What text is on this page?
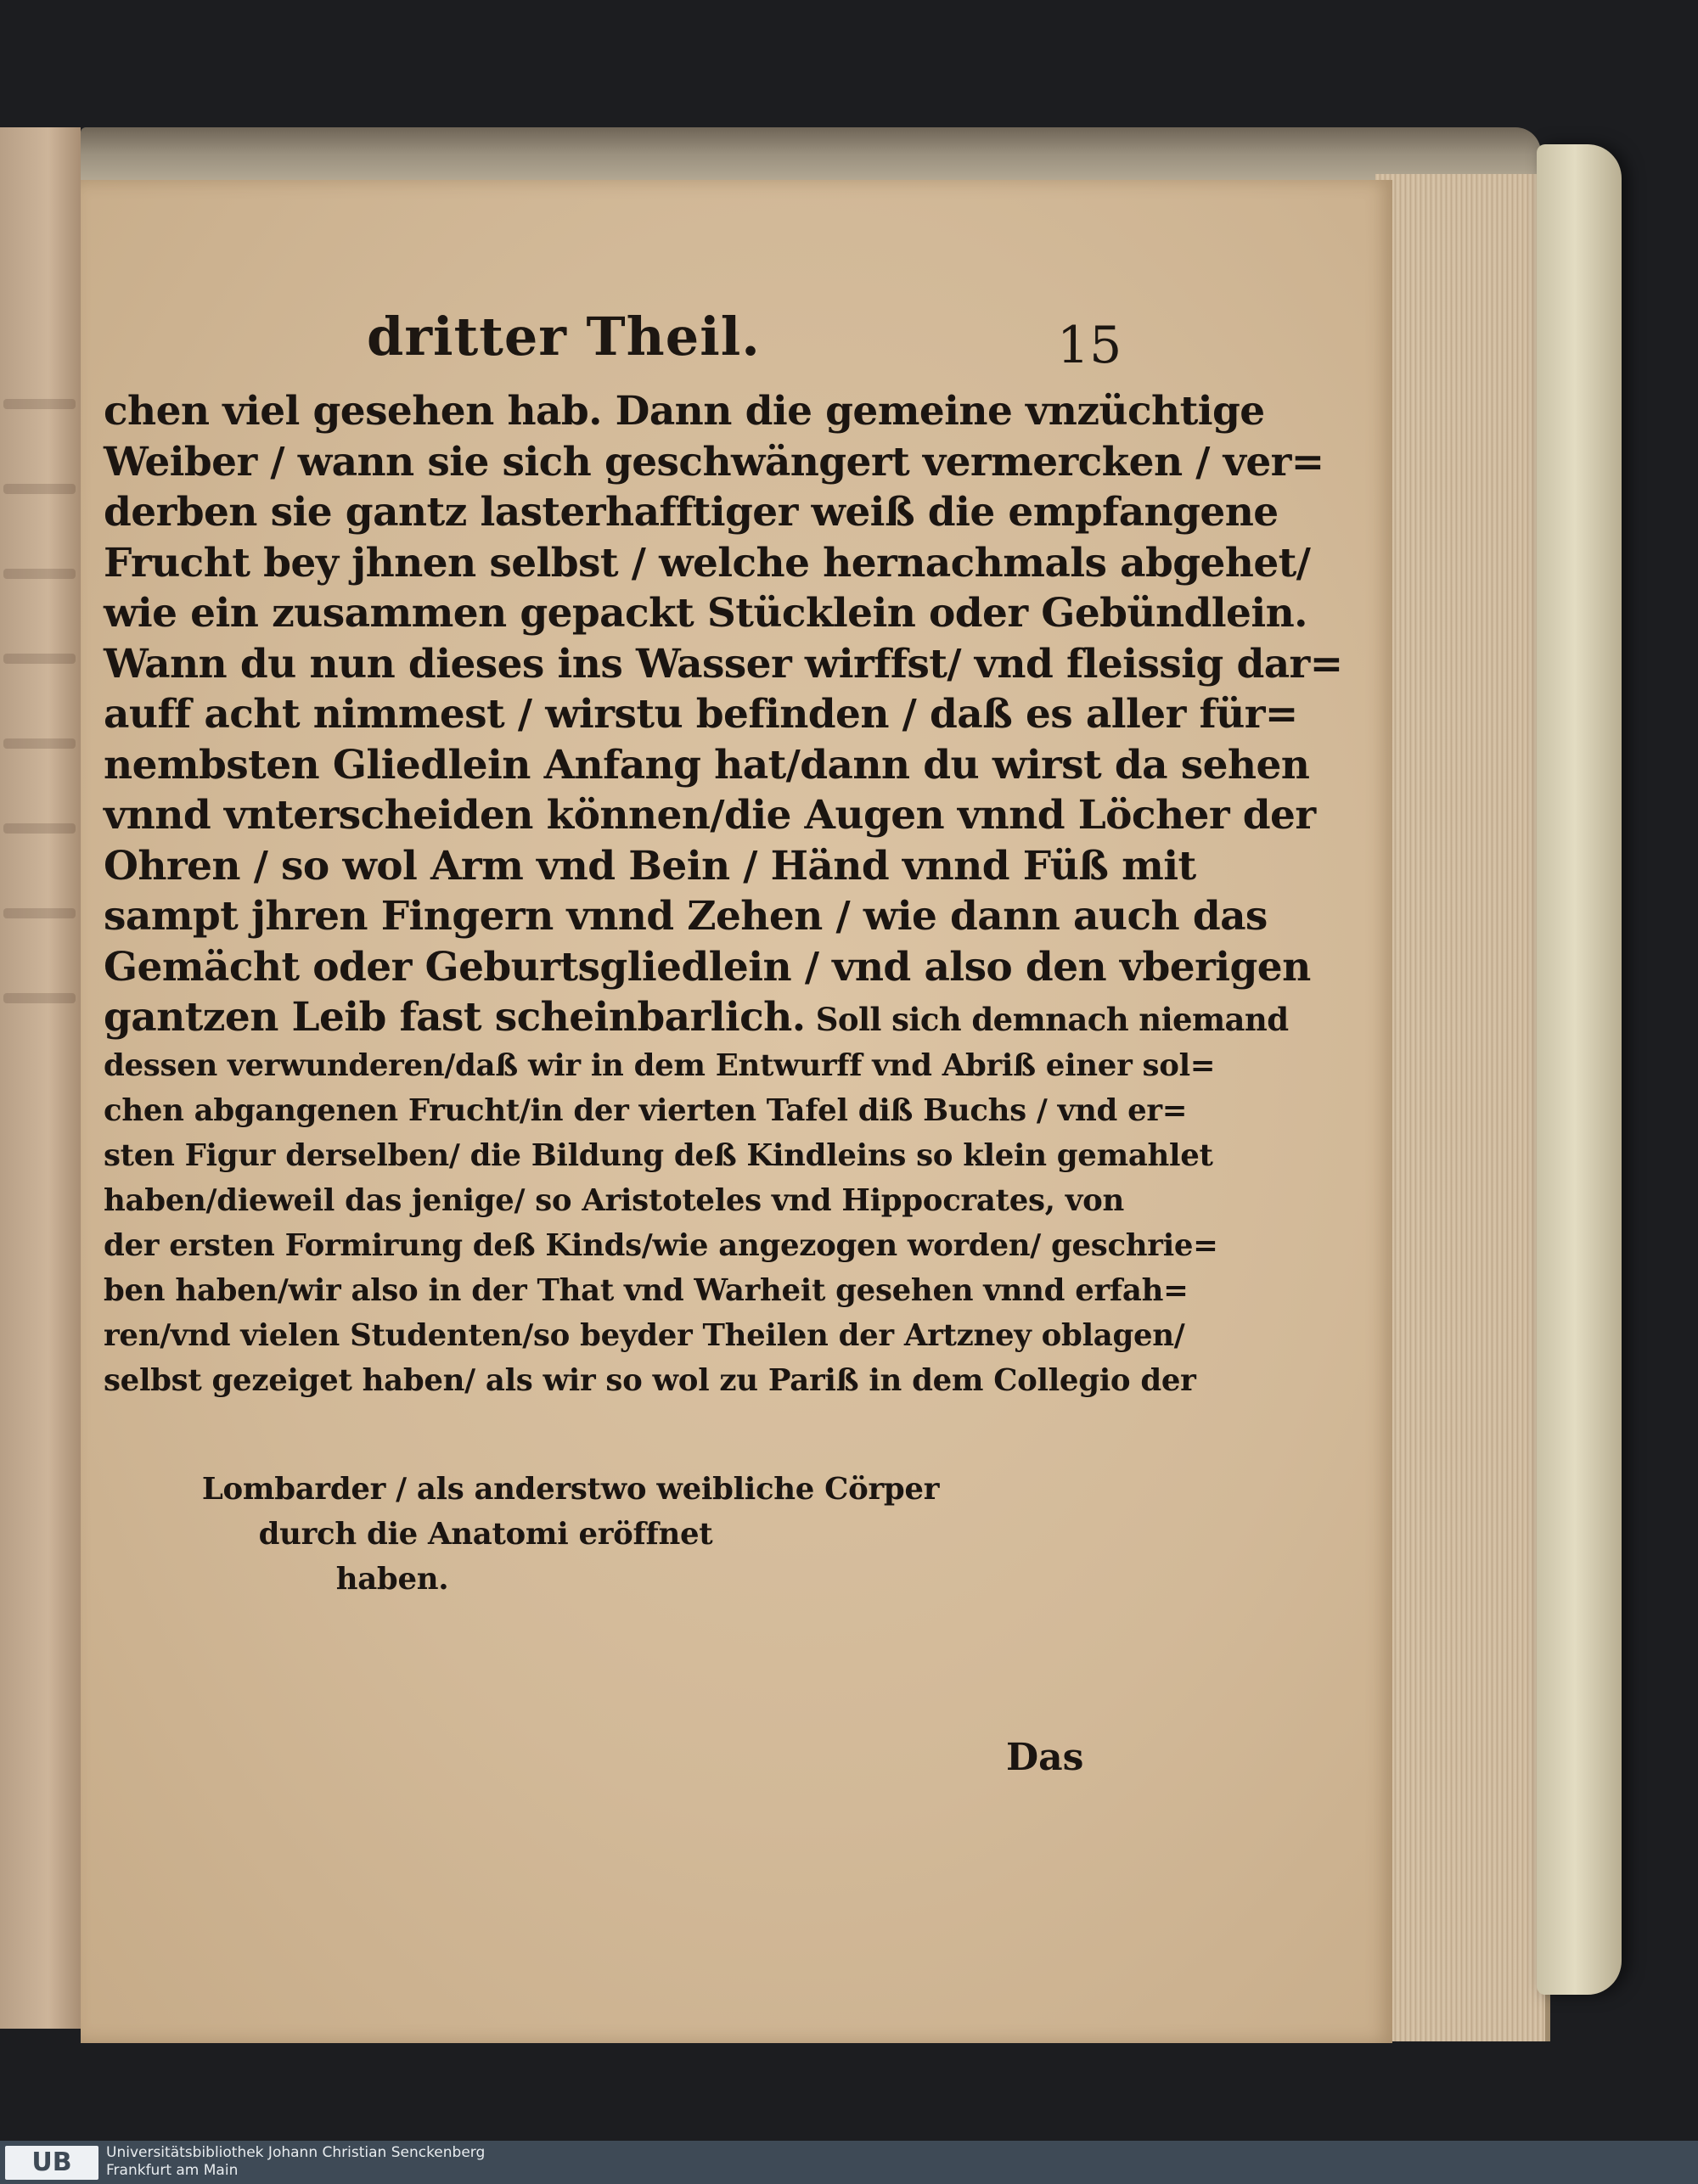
dritter Theil.	15
chen viel gesehen hab. Dann die gemeine vnzüchtige
Weiber / wann sie sich geschwängert vermercken / ver=
derben sie gantz lasterhafftiger weiß die empfangene
Frucht bey jhnen selbst / welche hernachmals abgehet/
wie ein zusammen gepackt Stücklein oder Gebündlein.
Wann du nun dieses ins Wasser wirffst/ vnd fleissig dar=
auff acht nimmest / wirstu befinden / daß es aller für=
nembsten Gliedlein Anfang hat/dann du wirst da sehen
vnnd vnterscheiden können/die Augen vnnd Löcher der
Ohren / so wol Arm vnd Bein / Händ vnnd Füß mit
sampt jhren Fingern vnnd Zehen / wie dann auch das
Gemächt oder Geburtsgliedlein / vnd also den vberigen
gantzen Leib fast scheinbarlich. Soll sich demnach niemand
dessen verwunderen/daß wir in dem Entwurff vnd Abriß einer sol=
chen abgangenen Frucht/in der vierten Tafel diß Buchs / vnd er=
sten Figur derselben/ die Bildung deß Kindleins so klein gemahlet
haben/dieweil das jenige/ so Aristoteles vnd Hippocrates, von
der ersten Formirung deß Kinds/wie angezogen worden/ geschrie=
ben haben/wir also in der That vnd Warheit gesehen vnnd erfah=
ren/vnd vielen Studenten/so beyder Theilen der Artzney oblagen/
selbst gezeiget haben/ als wir so wol zu Pariß in dem Collegio der
Lombarder / als anderstwo weibliche Cörper
durch die Anatomi eröffnet
haben.
Das
UB	Universitätsbibliothek Johann Christian Senckenberg
Frankfurt am Main
